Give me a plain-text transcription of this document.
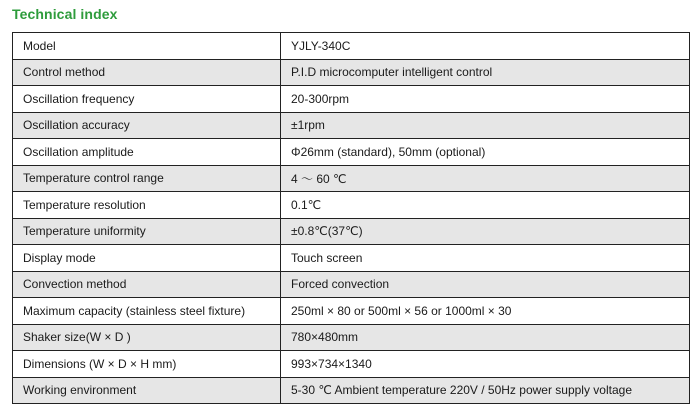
Technical index
Model	YJLY-340C
Control method	P.I.D microcomputer intelligent control
Oscillation frequency	20-300rpm
Oscillation accuracy	±1rpm
Oscillation amplitude	Φ26mm (standard), 50mm (optional)
Temperature control range	4 ～ 60 ℃
Temperature resolution	0.1℃
Temperature uniformity	±0.8℃(37℃)
Display mode	Touch screen
Convection method	Forced convection
Maximum capacity (stainless steel fixture)	250ml × 80 or 500ml × 56 or 1000ml × 30
Shaker size(W × D )	780×480mm
Dimensions (W × D × H mm)	993×734×1340
Working environment	5-30 ℃ Ambient temperature 220V / 50Hz power supply voltage
